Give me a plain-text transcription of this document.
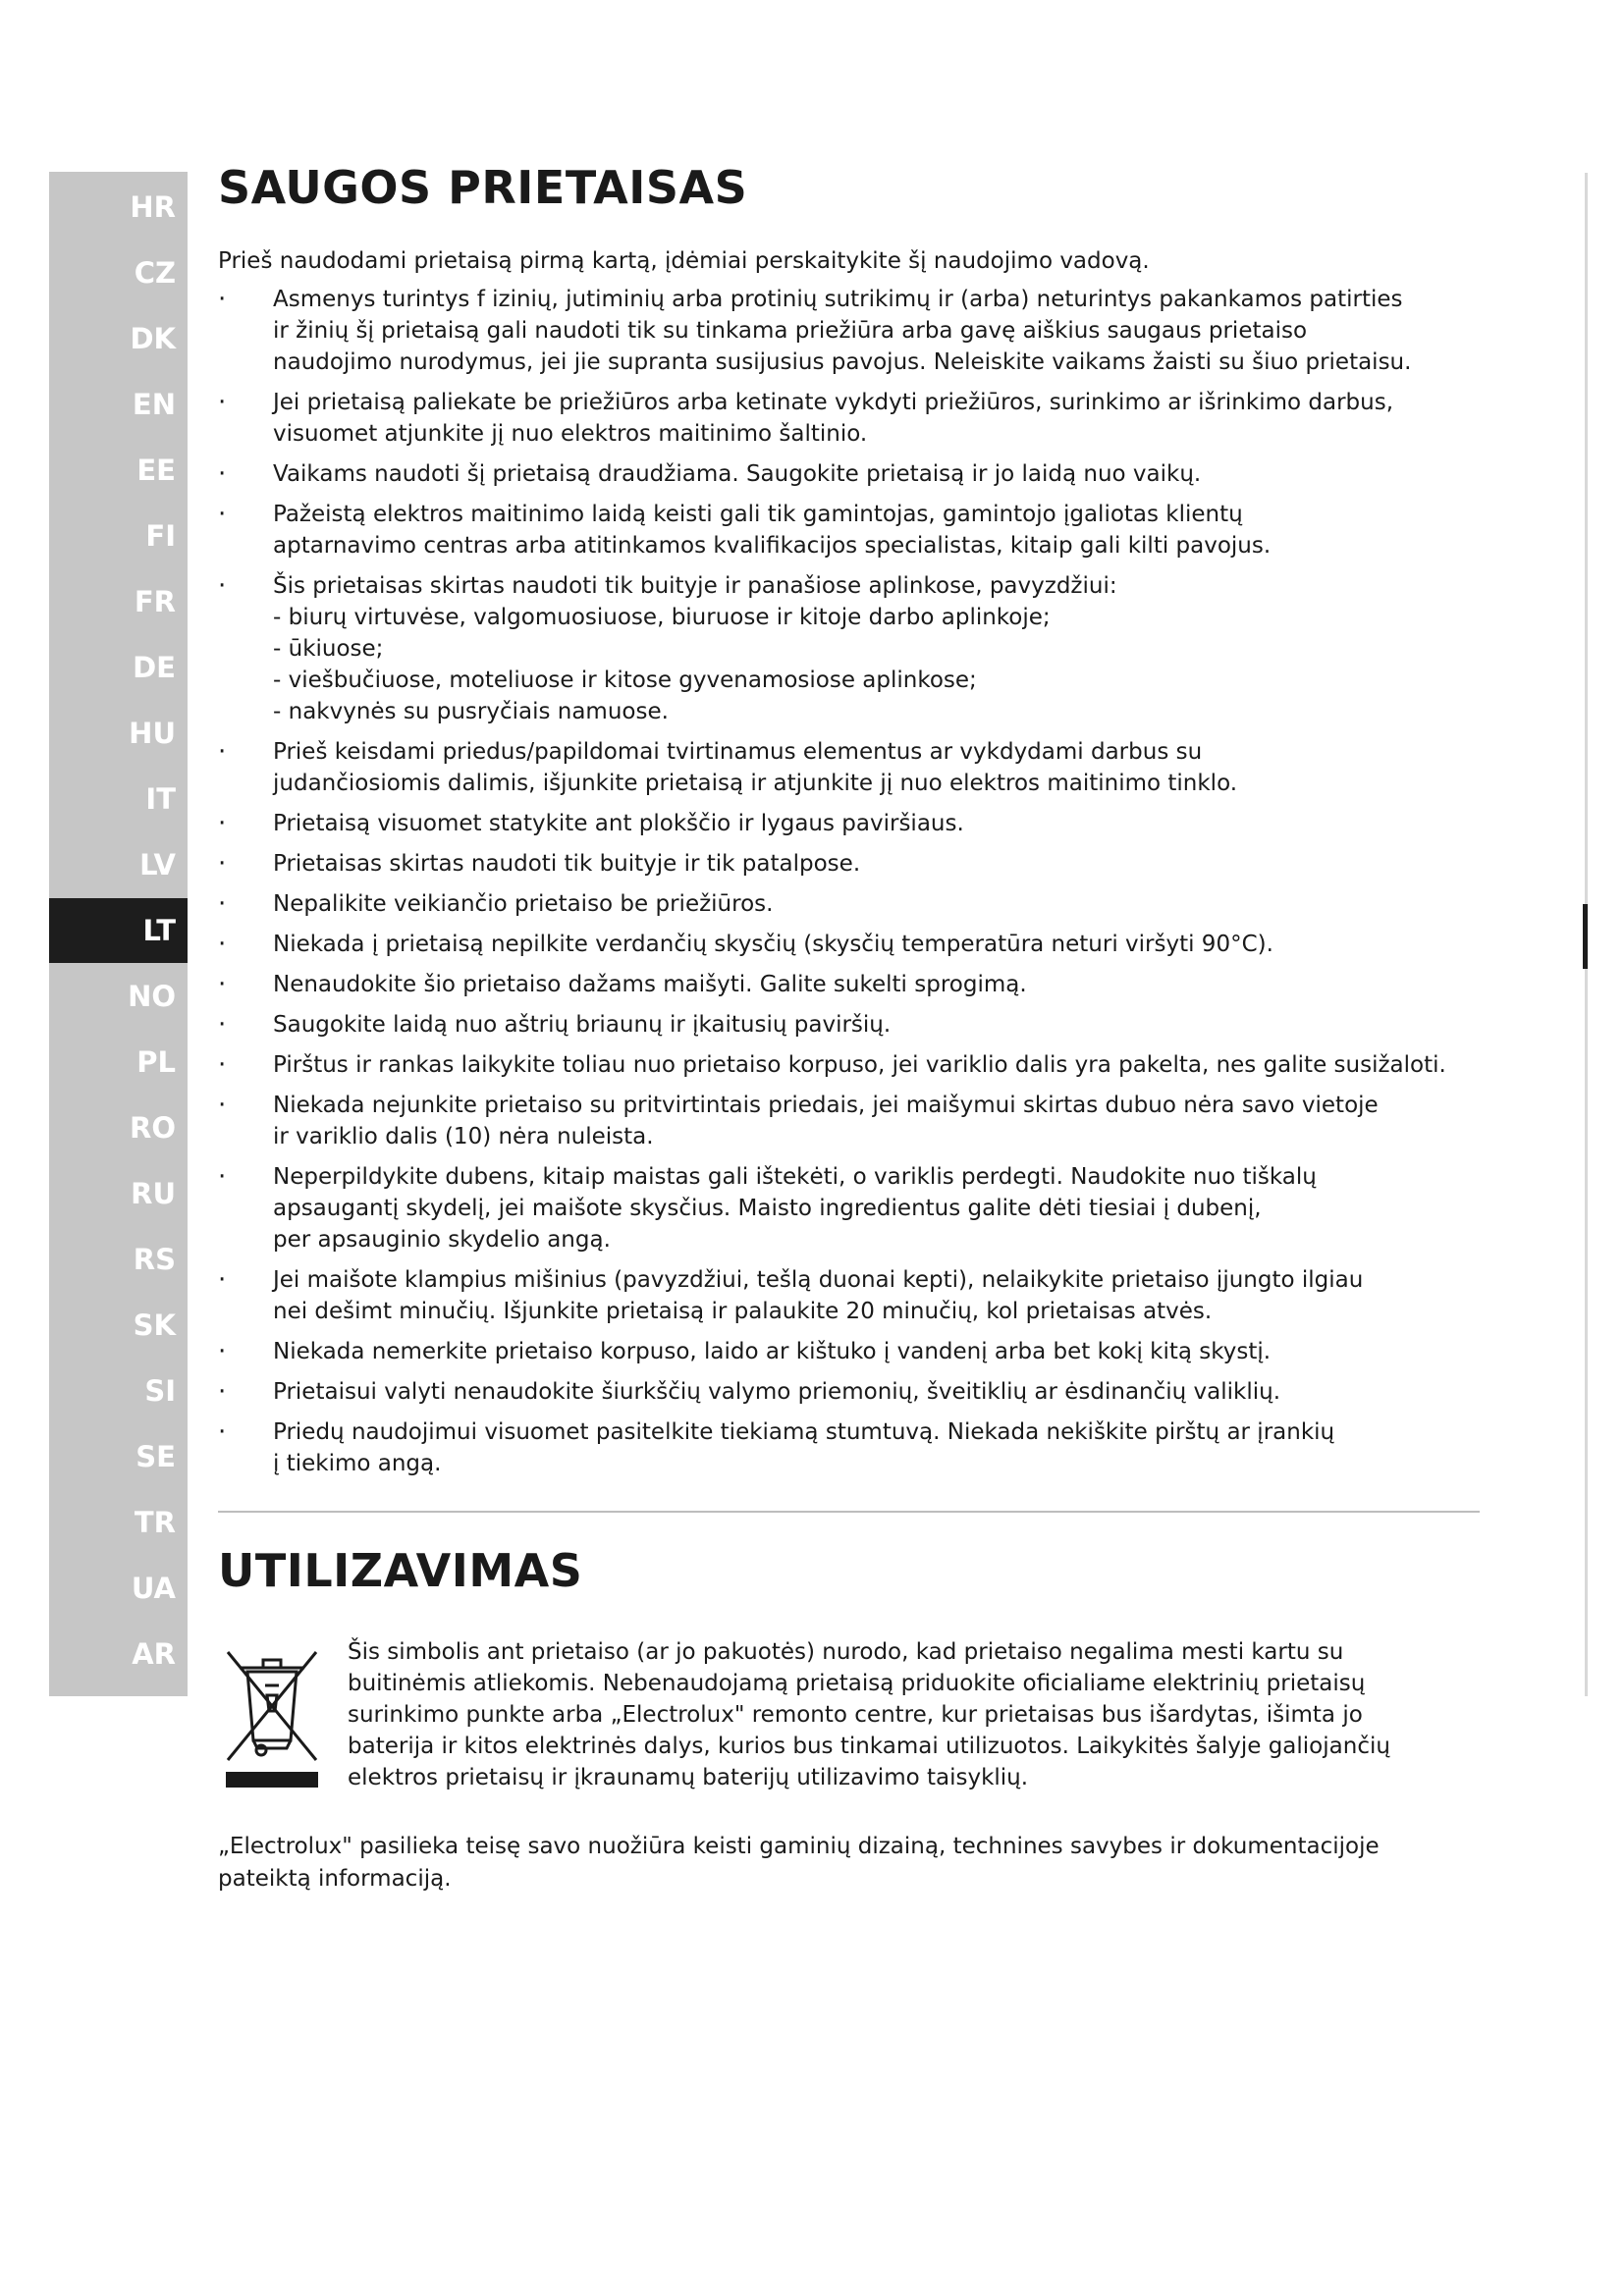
HR
CZ
DK
EN
EE
FI
FR
DE
HU
IT
LV
LT
NO
PL
RO
RU
RS
SK
SI
SE
TR
UA
AR
SAUGOS PRIETAISAS

Prieš naudodami prietaisą pirmą kartą, įdėmiai perskaitykite šį naudojimo vadovą.

· Asmenys turintys f izinių, jutiminių arba protinių sutrikimų ir (arba) neturintys pakankamos patirties
ir žinių šį prietaisą gali naudoti tik su tinkama priežiūra arba gavę aiškius saugaus prietaiso
naudojimo nurodymus, jei jie supranta susijusius pavojus. Neleiskite vaikams žaisti su šiuo prietaisu.
· Jei prietaisą paliekate be priežiūros arba ketinate vykdyti priežiūros, surinkimo ar išrinkimo darbus,
visuomet atjunkite jį nuo elektros maitinimo šaltinio.
· Vaikams naudoti šį prietaisą draudžiama. Saugokite prietaisą ir jo laidą nuo vaikų.
· Pažeistą elektros maitinimo laidą keisti gali tik gamintojas, gamintojo įgaliotas klientų
aptarnavimo centras arba atitinkamos kvalifikacijos specialistas, kitaip gali kilti pavojus.
· Šis prietaisas skirtas naudoti tik buityje ir panašiose aplinkose, pavyzdžiui:
- biurų virtuvėse, valgomuosiuose, biuruose ir kitoje darbo aplinkoje;
- ūkiuose;
- viešbučiuose, moteliuose ir kitose gyvenamosiose aplinkose;
- nakvynės su pusryčiais namuose.
· Prieš keisdami priedus/papildomai tvirtinamus elementus ar vykdydami darbus su
judančiosiomis dalimis, išjunkite prietaisą ir atjunkite jį nuo elektros maitinimo tinklo.
· Prietaisą visuomet statykite ant plokščio ir lygaus paviršiaus.
· Prietaisas skirtas naudoti tik buityje ir tik patalpose.
· Nepalikite veikiančio prietaiso be priežiūros.
· Niekada į prietaisą nepilkite verdančių skysčių (skysčių temperatūra neturi viršyti 90°C).
· Nenaudokite šio prietaiso dažams maišyti. Galite sukelti sprogimą.
· Saugokite laidą nuo aštrių briaunų ir įkaitusių paviršių.
· Pirštus ir rankas laikykite toliau nuo prietaiso korpuso, jei variklio dalis yra pakelta, nes galite susižaloti.
· Niekada nejunkite prietaiso su pritvirtintais priedais, jei maišymui skirtas dubuo nėra savo vietoje
ir variklio dalis (10) nėra nuleista.
· Neperpildykite dubens, kitaip maistas gali ištekėti, o variklis perdegti. Naudokite nuo tiškalų
apsaugantį skydelį, jei maišote skysčius. Maisto ingredientus galite dėti tiesiai į dubenį,
per apsauginio skydelio angą.
· Jei maišote klampius mišinius (pavyzdžiui, tešlą duonai kepti), nelaikykite prietaiso įjungto ilgiau
nei dešimt minučių. Išjunkite prietaisą ir palaukite 20 minučių, kol prietaisas atvės.
· Niekada nemerkite prietaiso korpuso, laido ar kištuko į vandenį arba bet kokį kitą skystį.
· Prietaisui valyti nenaudokite šiurkščių valymo priemonių, šveitiklių ar ėsdinančių valiklių.
· Priedų naudojimui visuomet pasitelkite tiekiamą stumtuvą. Niekada nekiškite pirštų ar įrankių
į tiekimo angą.
UTILIZAVIMAS
Šis simbolis ant prietaiso (ar jo pakuotės) nurodo, kad prietaiso negalima mesti kartu su
buitinėmis atliekomis. Nebenaudojamą prietaisą priduokite oficialiame elektrinių prietaisų
surinkimo punkte arba „Electrolux" remonto centre, kur prietaisas bus išardytas, išimta jo
baterija ir kitos elektrinės dalys, kurios bus tinkamai utilizuotos. Laikykitės šalyje galiojančių
elektros prietaisų ir įkraunamų baterijų utilizavimo taisyklių.

„Electrolux" pasilieka teisę savo nuožiūra keisti gaminių dizainą, technines savybes ir dokumentacijoje
pateiktą informaciją.
